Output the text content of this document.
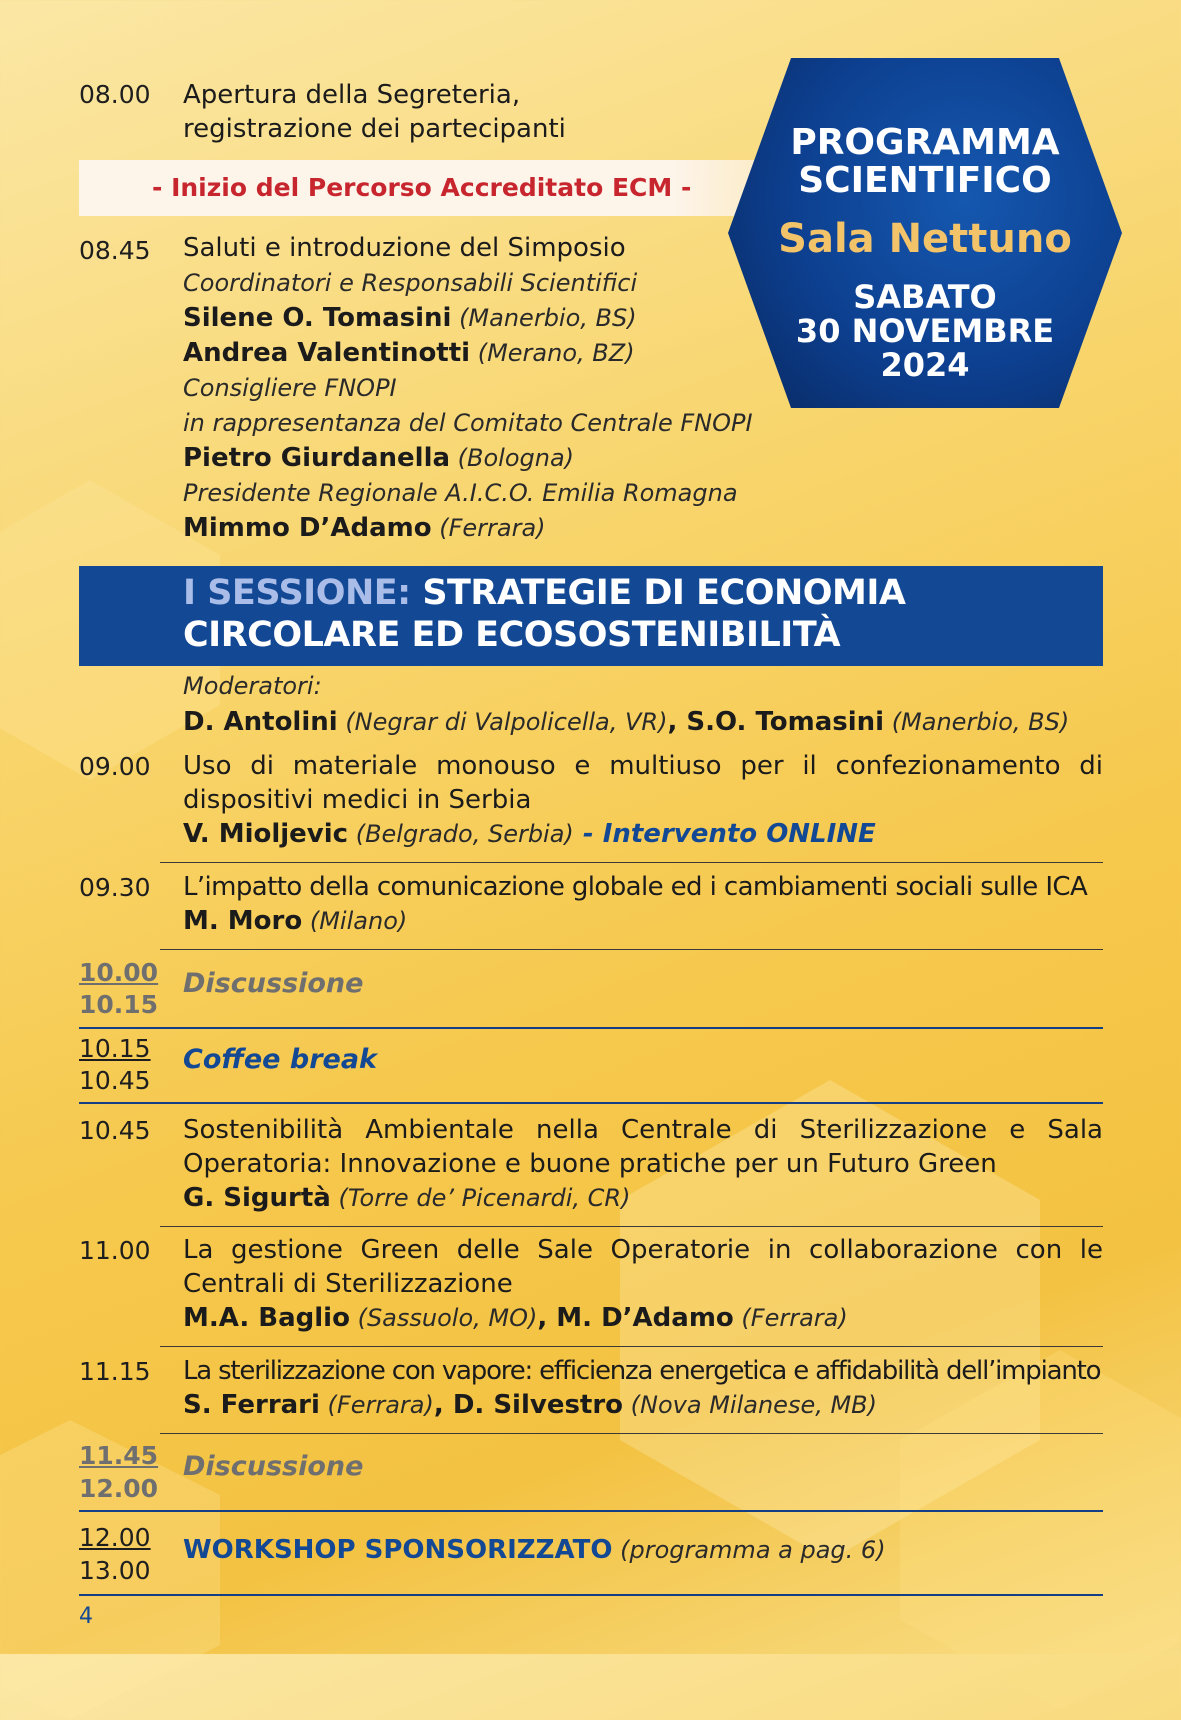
08.00 Apertura della Segreteria,
registrazione dei partecipanti
- Inizio del Percorso Accreditato ECM -
PROGRAMMA
SCIENTIFICO
Sala Nettuno
SABATO
30 NOVEMBRE
2024
08.45 Saluti e introduzione del Simposio
Coordinatori e Responsabili Scientifici
Silene O. Tomasini (Manerbio, BS)
Andrea Valentinotti (Merano, BZ)
Consigliere FNOPI
in rappresentanza del Comitato Centrale FNOPI
Pietro Giurdanella (Bologna)
Presidente Regionale A.I.C.O. Emilia Romagna
Mimmo D’Adamo (Ferrara)
I SESSIONE: STRATEGIE DI ECONOMIA
CIRCOLARE ED ECOSOSTENIBILITÀ
Moderatori:
D. Antolini (Negrar di Valpolicella, VR), S.O. Tomasini (Manerbio, BS)
09.00 Uso di materiale monouso e multiuso per il confezionamento di dispositivi medici in Serbia
V. Mioljevic (Belgrado, Serbia) - Intervento ONLINE
09.30 L’impatto della comunicazione globale ed i cambiamenti sociali sulle ICA
M. Moro (Milano)
10.00
10.15
Discussione
10.15
10.45
Coffee break
10.45 Sostenibilità Ambientale nella Centrale di Sterilizzazione e Sala Operatoria: Innovazione e buone pratiche per un Futuro Green
G. Sigurtà (Torre de’ Picenardi, CR)
11.00 La gestione Green delle Sale Operatorie in collaborazione con le Centrali di Sterilizzazione
M.A. Baglio (Sassuolo, MO), M. D’Adamo (Ferrara)
11.15 La sterilizzazione con vapore: efficienza energetica e affidabilità dell’impianto
S. Ferrari (Ferrara), D. Silvestro (Nova Milanese, MB)
11.45
12.00
Discussione
12.00
13.00
WORKSHOP SPONSORIZZATO (programma a pag. 6)
4
